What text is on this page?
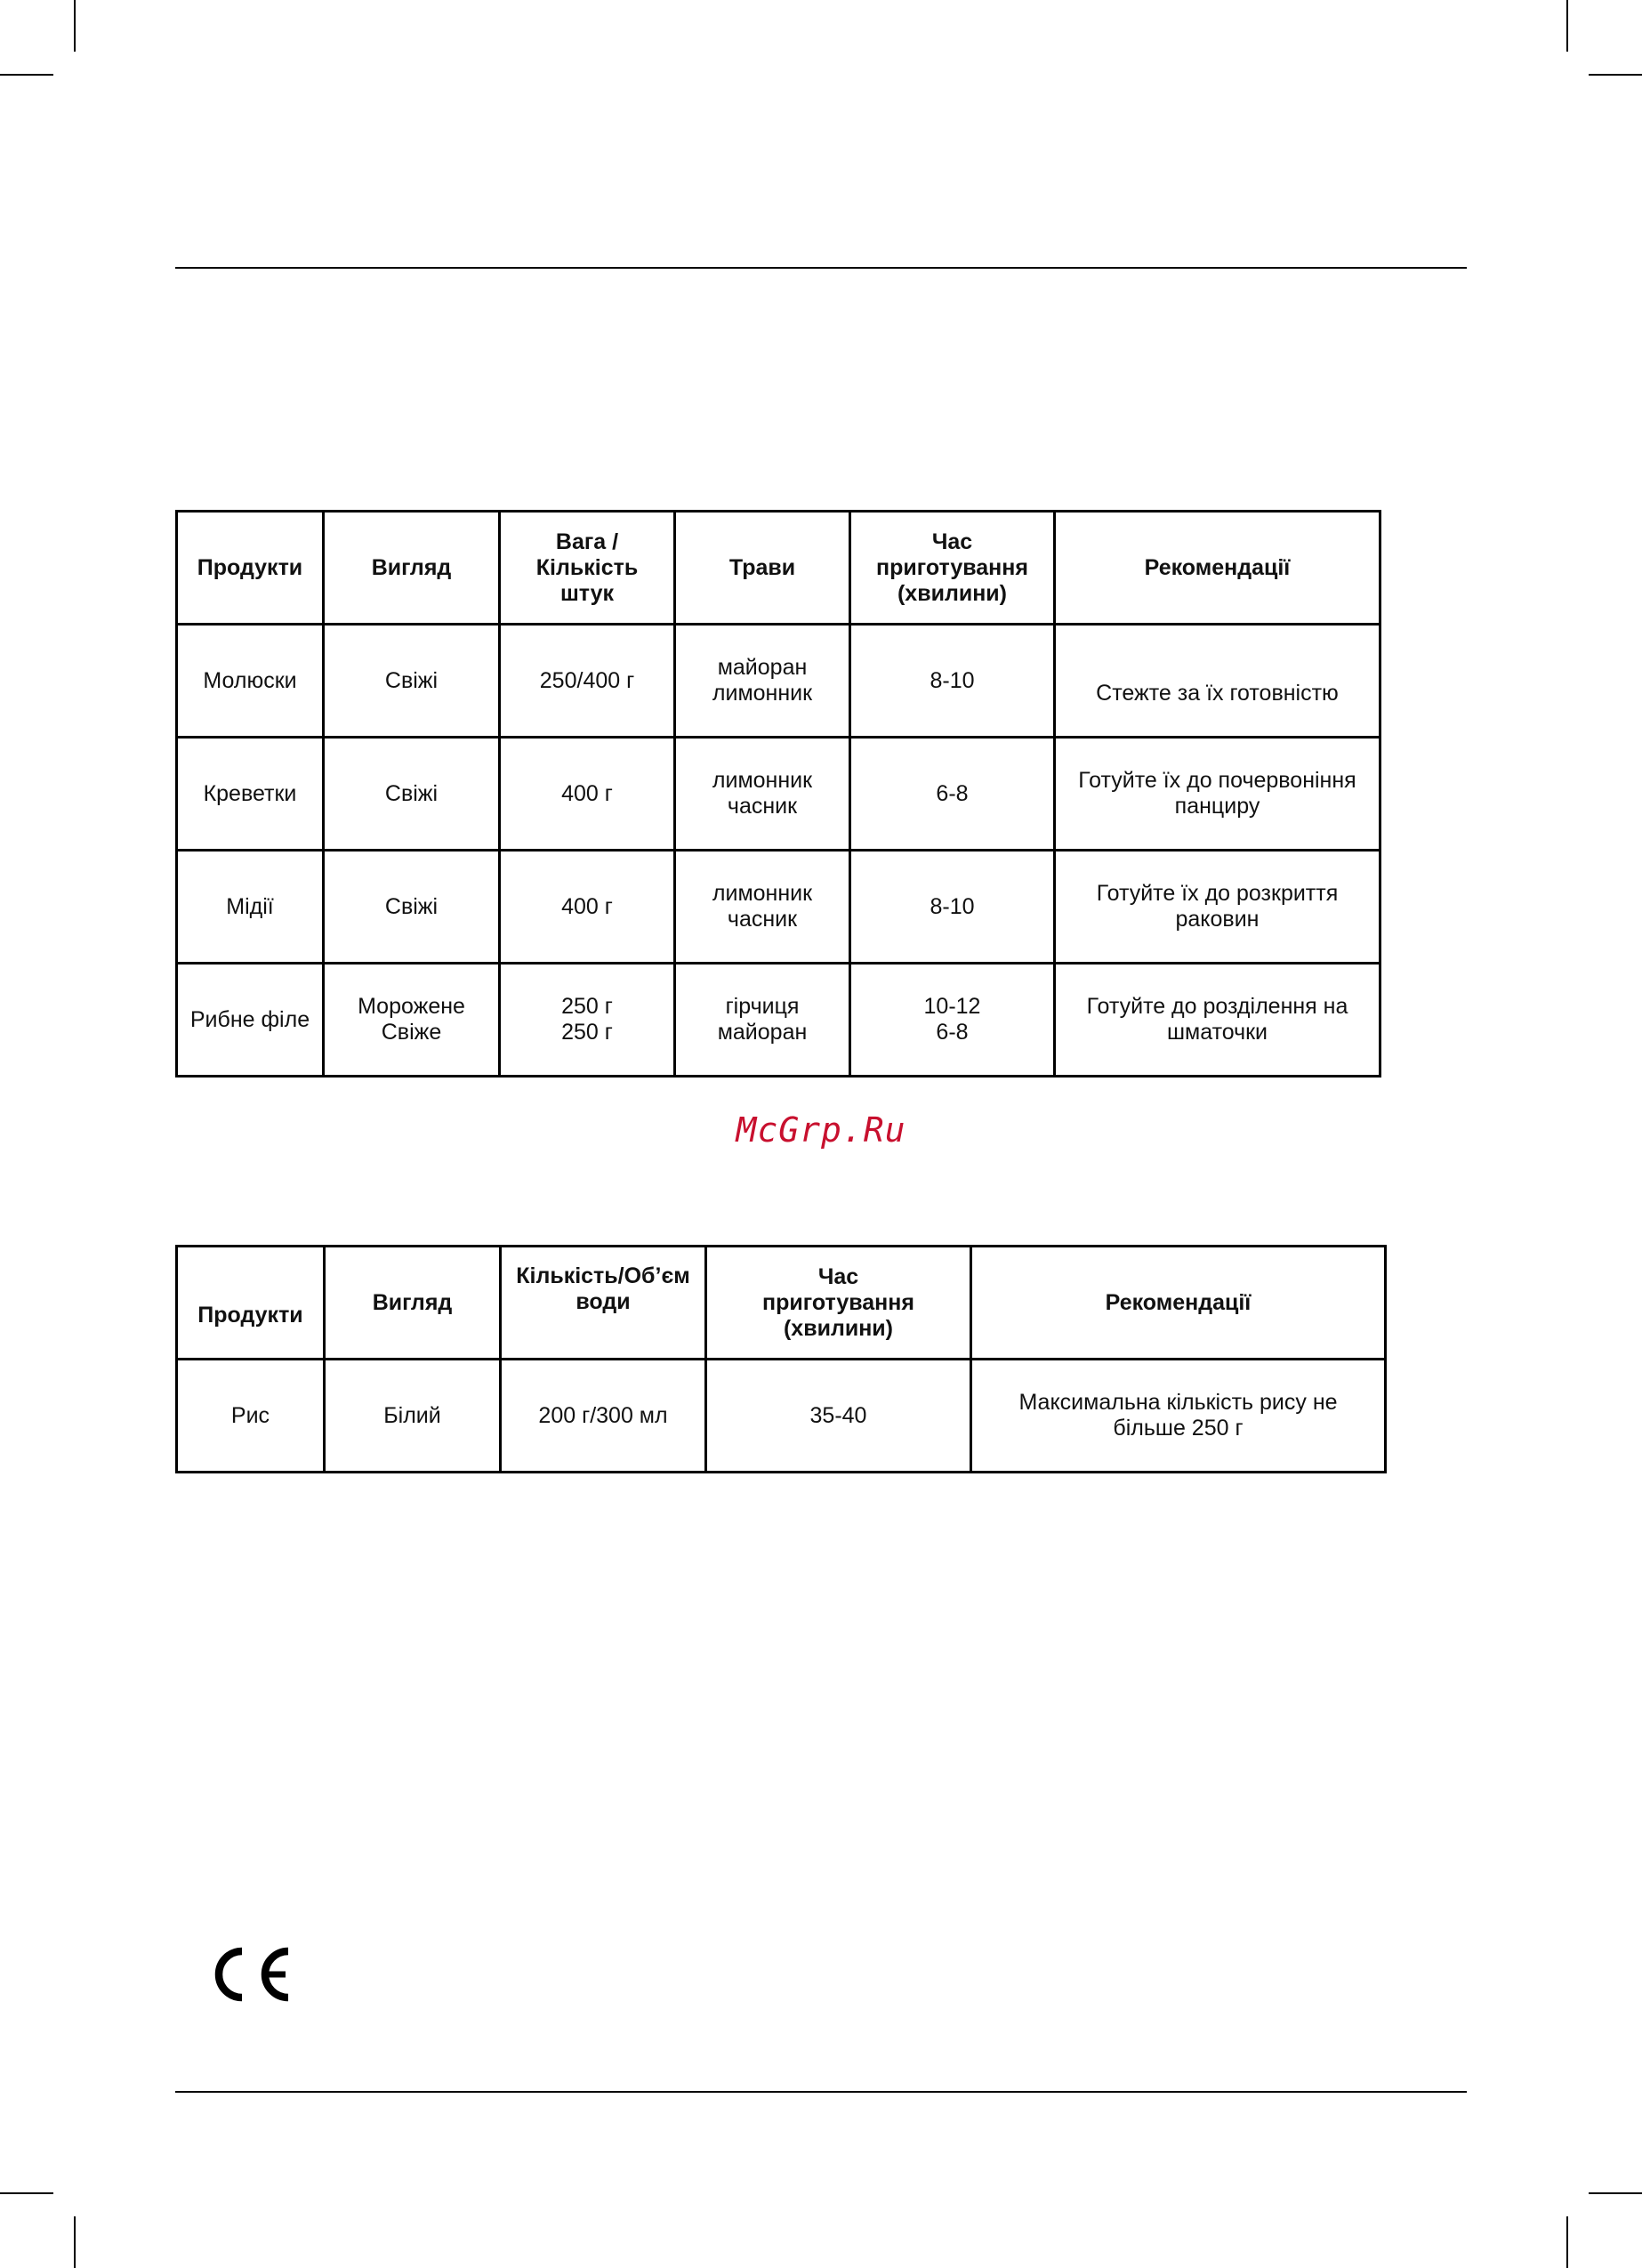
Продукти	Вигляд	Вага /
Кількість
штук	Трави	Час
приготування
(хвилини)	Рекомендації
Молюски	Свіжі	250/400 г	майоран
лимонник	8-10	Стежте за їх готовністю
Креветки	Свіжі	400 г	лимонник
часник	6-8	Готуйте їх до почервоніння
панциру
Мідії	Свіжі	400 г	лимонник
часник	8-10	Готуйте їх до розкриття
раковин
Рибне філе	Морожене
Свіже	250 г
250 г	гірчиця
майоран	10-12
6-8	Готуйте до розділення на
шматочки
McGrp.Ru
Продукти	Вигляд	Кількість/Об’єм
води	Час
приготування
(хвилини)	Рекомендації
Рис	Білий	200 г/300 мл	35-40	Максимальна кількість рису не
більше 250 г
